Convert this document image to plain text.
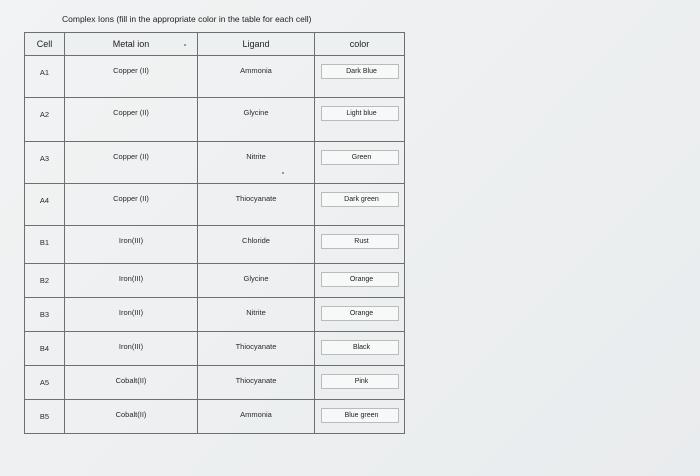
Complex Ions (fill in the appropriate color in the table for each cell)
Cell	Metal ion	Ligand	color

A1	Copper (II)	Ammonia	Dark Blue

A2	Copper (II)	Glycine	Light blue

A3	Copper (II)	Nitrite	Green

A4	Copper (II)	Thiocyanate	Dark green

B1	Iron(III)	Chloride	Rust

B2	Iron(III)	Glycine	Orange

B3	Iron(III)	Nitrite	Orange

B4	Iron(III)	Thiocyanate	Black

A5	Cobalt(II)	Thiocyanate	Pink

B5	Cobalt(II)	Ammonia	Blue green
